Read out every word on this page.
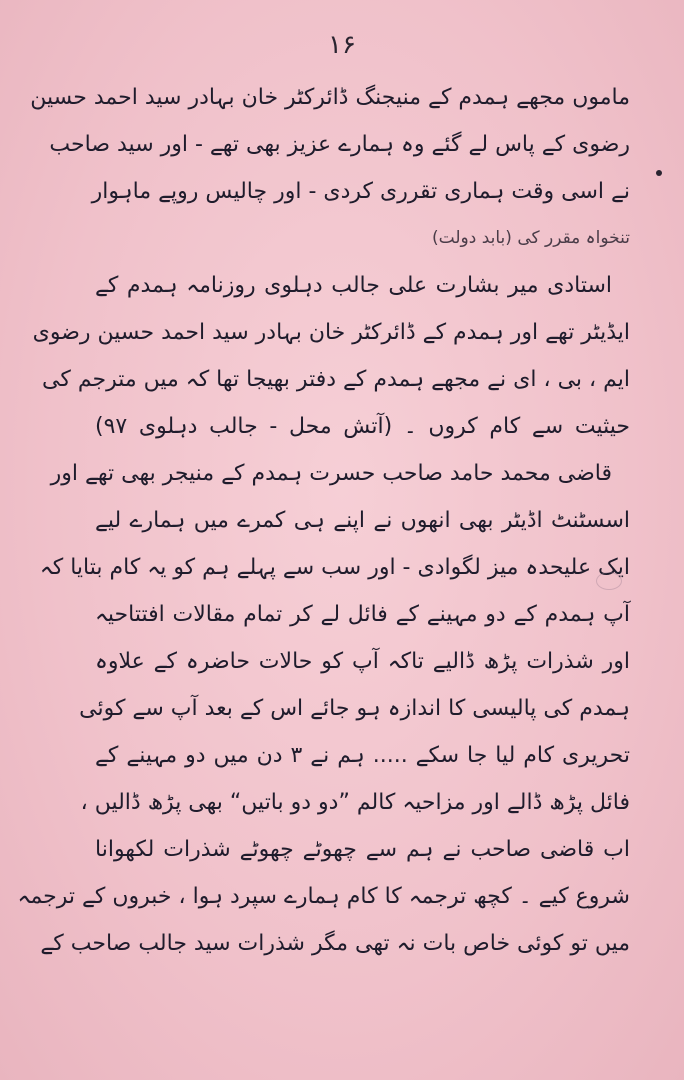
۱۶
ماموں مجھے ہمدم کے منیجنگ ڈائرکٹر خان بہادر سید احمد حسین
رضوی کے پاس لے گئے وہ ہمارے عزیز بھی تھے - اور سید صاحب
نے اسی وقت ہماری تقرری کردی - اور چالیس روپے ماہوار
تنخواہ مقرر کی (بابد دولت)
استادی میر بشارت علی جالب دہلوی روزنامہ ہمدم کے
ایڈیٹر تھے اور ہمدم کے ڈائرکٹر خان بہادر سید احمد حسین رضوی
ایم ، بی ، ای نے مجھے ہمدم کے دفتر بھیجا تھا کہ میں مترجم کی
حیثیت سے کام کروں ۔ (آتش محل - جالب دہلوی ۹۷)
قاضی محمد حامد صاحب حسرت ہمدم کے منیجر بھی تھے اور
اسسٹنٹ اڈیٹر بھی انھوں نے اپنے ہی کمرے میں ہمارے لیے
ایک علیحدہ میز لگوادی - اور سب سے پہلے ہم کو یہ کام بتایا کہ
آپ ہمدم کے دو مہینے کے فائل لے کر تمام مقالات افتتاحیہ
اور شذرات پڑھ ڈالیے تاکہ آپ کو حالات حاضرہ کے علاوہ
ہمدم کی پالیسی کا اندازہ ہو جائے اس کے بعد آپ سے کوئی
تحریری کام لیا جا سکے ..... ہم نے ۳ دن میں دو مہینے کے
فائل پڑھ ڈالے اور مزاحیہ کالم ”دو دو باتیں“ بھی پڑھ ڈالیں ،
اب قاضی صاحب نے ہم سے چھوٹے چھوٹے شذرات لکھوانا
شروع کیے ۔ کچھ ترجمہ کا کام ہمارے سپرد ہوا ، خبروں کے ترجمہ
میں تو کوئی خاص بات نہ تھی مگر شذرات سید جالب صاحب کے
